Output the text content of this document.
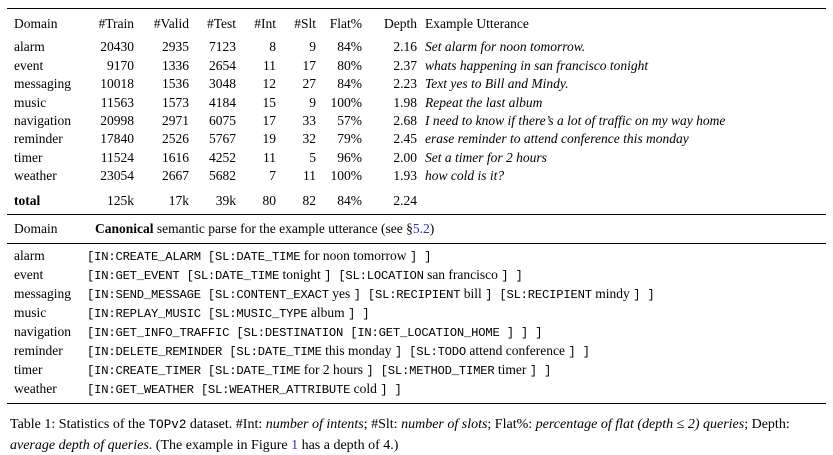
Domain	#Train	#Valid	#Test	#Int	#Slt	Flat%	Depth	Example Utterance
alarm	20430	2935	7123	8	9	84%	2.16	Set alarm for noon tomorrow.
event	9170	1336	2654	11	17	80%	2.37	whats happening in san francisco tonight
messaging	10018	1536	3048	12	27	84%	2.23	Text yes to Bill and Mindy.
music	11563	1573	4184	15	9	100%	1.98	Repeat the last album
navigation	20998	2971	6075	17	33	57%	2.68	I need to know if there’s a lot of traffic on my way home
reminder	17840	2526	5767	19	32	79%	2.45	erase reminder to attend conference this monday
timer	11524	1616	4252	11	5	96%	2.00	Set a timer for 2 hours
weather	23054	2667	5682	7	11	100%	1.93	how cold is it?
total	125k	17k	39k	80	82	84%	2.24	
Domain	Canonical semantic parse for the example utterance (see §5.2)
alarm	[IN:CREATE_ALARM [SL:DATE_TIME for noon tomorrow ] ]
event	[IN:GET_EVENT [SL:DATE_TIME tonight ] [SL:LOCATION san francisco ] ]
messaging	[IN:SEND_MESSAGE [SL:CONTENT_EXACT yes ] [SL:RECIPIENT bill ] [SL:RECIPIENT mindy ] ]
music	[IN:REPLAY_MUSIC [SL:MUSIC_TYPE album ] ]
navigation	[IN:GET_INFO_TRAFFIC [SL:DESTINATION [IN:GET_LOCATION_HOME ] ] ]
reminder	[IN:DELETE_REMINDER [SL:DATE_TIME this monday ] [SL:TODO attend conference ] ]
timer	[IN:CREATE_TIMER [SL:DATE_TIME for 2 hours ] [SL:METHOD_TIMER timer ] ]
weather	[IN:GET_WEATHER [SL:WEATHER_ATTRIBUTE cold ] ]
Table 1: Statistics of the TOPv2 dataset. #Int: number of intents; #Slt: number of slots; Flat%: percentage of flat (depth ≤ 2) queries; Depth: average depth of queries. (The example in Figure 1 has a depth of 4.)
